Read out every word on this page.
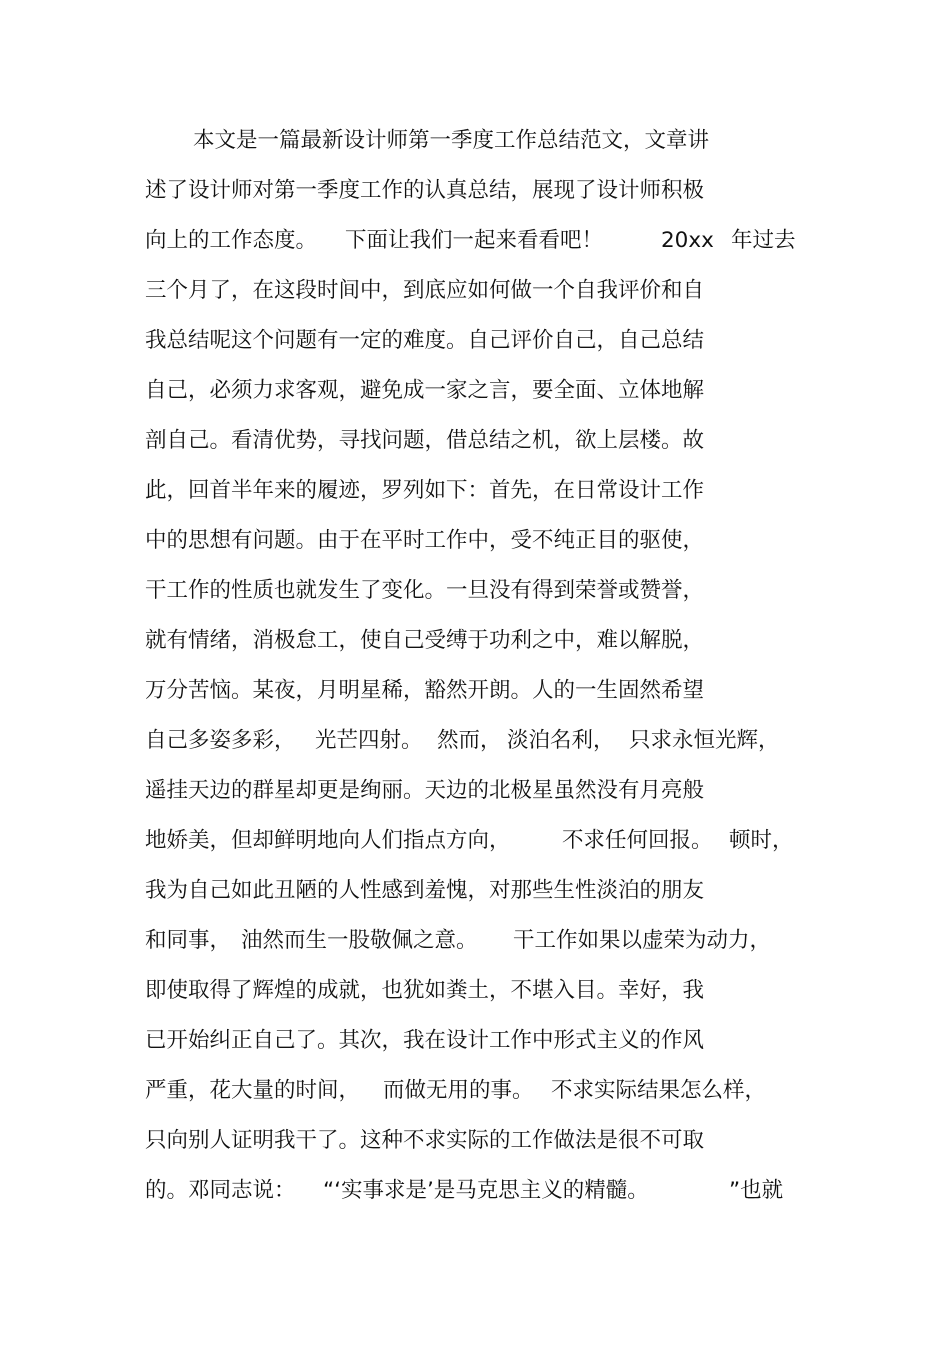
本文是一篇最新设计师第一季度工作总结范文，文章讲
述了设计师对第一季度工作的认真总结，展现了设计师积极

向上的工作态度。

下面让我们一起来看看吧！

	20xx

年过去

三个月了，在这段时间中，到底应如何做一个自我评价和自
我总结呢这个问题有一定的难度。自己评价自己，自己总结
自己，必须力求客观，避免成一家之言，要全面、立体地解
剖自己。看清优势，寻找问题，借总结之机，欲上层楼。故
此，回首半年来的履迹，罗列如下：首先，在日常设计工作
中的思想有问题。由于在平时工作中，受不纯正目的驱使，
干工作的性质也就发生了变化。一旦没有得到荣誉或赞誉，
就有情绪，消极怠工，使自己受缚于功利之中，难以解脱，
万分苦恼。某夜，月明星稀，豁然开朗。人的一生固然希望

自己多姿多彩，

光芒四射。

然而，

淡泊名利，

只求永恒光辉，

遥挂天边的群星却更是绚丽。天边的北极星虽然没有月亮般

地娇美，但却鲜明地向人们指点方向，

不求任何回报。

顿时，

我为自己如此丑陋的人性感到羞愧，对那些生性淡泊的朋友

和同事，

油然而生一股敬佩之意。

干工作如果以虚荣为动力，

即使取得了辉煌的成就，也犹如粪土，不堪入目。幸好，我
已开始纠正自己了。其次，我在设计工作中形式主义的作风

严重，花大量的时间，

而做无用的事。

不求实际结果怎么样，

只向别人证明我干了。这种不求实际的工作做法是很不可取

的。邓同志说：

“‘实事求是’是马克思主义的精髓。

	”也就
